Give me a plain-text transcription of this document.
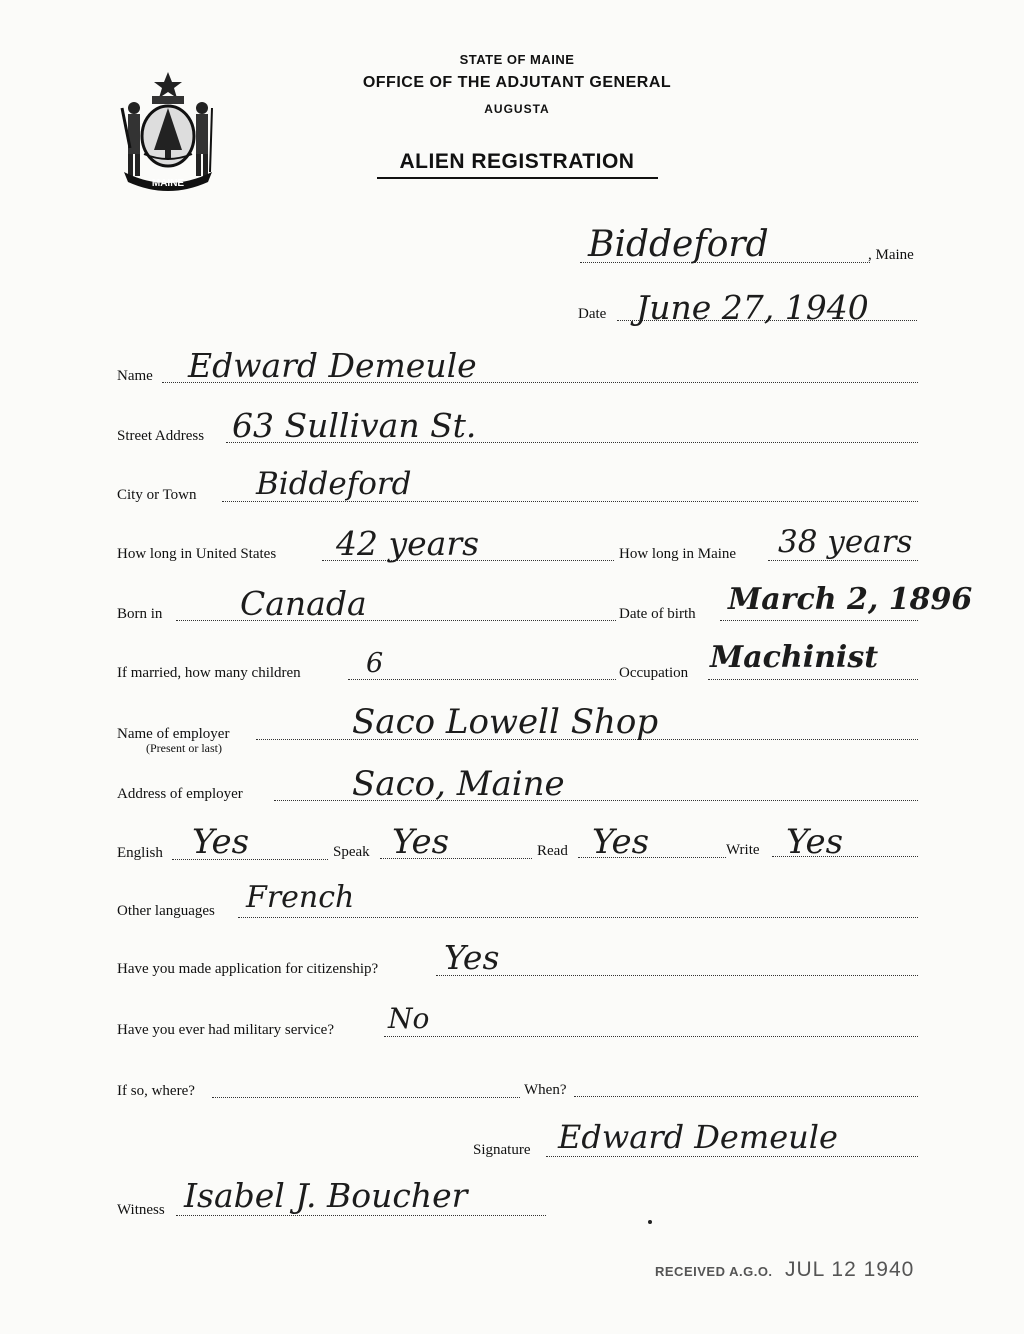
MAINE
STATE OF MAINE
OFFICE OF THE ADJUTANT GENERAL
AUGUSTA
ALIEN REGISTRATION
Biddeford	, Maine
Date June 27, 1940
Name Edward Demeule
Street Address 63 Sullivan St.
City or Town Biddeford
How long in United States 42 years	How long in Maine 38 years
Born in Canada	Date of birth March 2, 1896
If married, how many children 6	Occupation Machinist
Name of employer
(Present or last)
Saco Lowell Shop
Address of employer	Saco, Maine
English Yes	Speak Yes	Read Yes	Write Yes
Other languages French
Have you made application for citizenship? Yes
Have you ever had military service? No
If so, where?	When?
Signature Edward Demeule
Witness Isabel J. Boucher
RECEIVED A.G.O. JUL 12 1940
